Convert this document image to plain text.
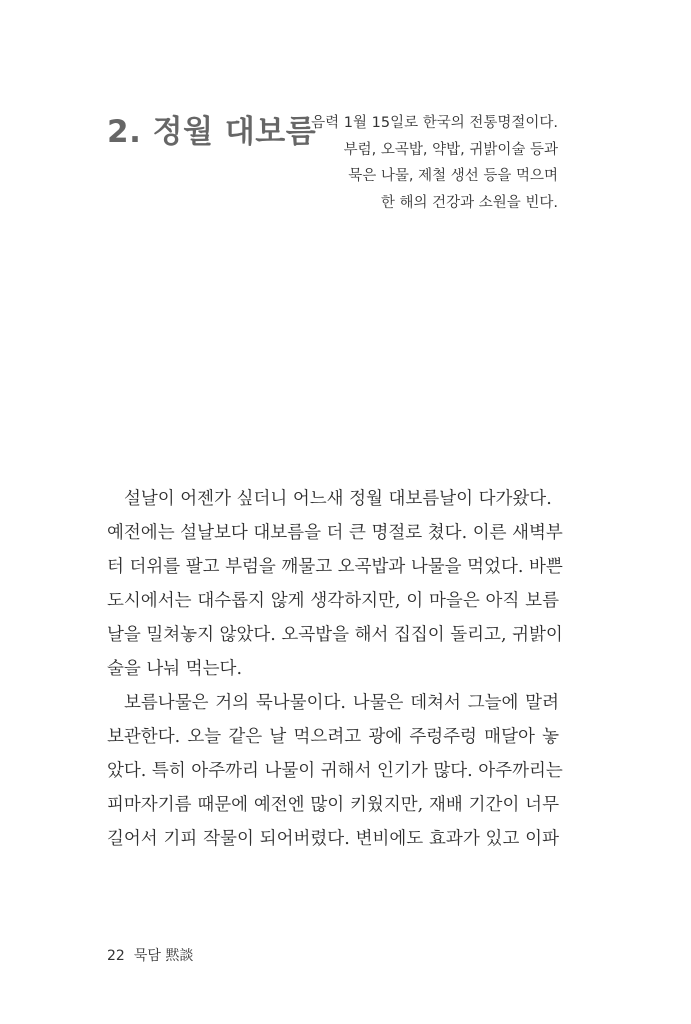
2. 정월 대보름
음력 1월 15일로 한국의 전통명절이다.
부럼, 오곡밥, 약밥, 귀밝이술 등과
묵은 나물, 제철 생선 등을 먹으며
한 해의 건강과 소원을 빈다.
설날이 어젠가 싶더니 어느새 정월 대보름날이 다가왔다.
예전에는 설날보다 대보름을 더 큰 명절로 쳤다. 이른 새벽부
터 더위를 팔고 부럼을 깨물고 오곡밥과 나물을 먹었다. 바쁜
도시에서는 대수롭지 않게 생각하지만, 이 마을은 아직 보름
날을 밀쳐놓지 않았다. 오곡밥을 해서 집집이 돌리고, 귀밝이
술을 나눠 먹는다.
보름나물은 거의 묵나물이다. 나물은 데쳐서 그늘에 말려
보관한다. 오늘 같은 날 먹으려고 광에 주렁주렁 매달아 놓
았다. 특히 아주까리 나물이 귀해서 인기가 많다. 아주까리는
피마자기름 때문에 예전엔 많이 키웠지만, 재배 기간이 너무
길어서 기피 작물이 되어버렸다. 변비에도 효과가 있고 이파
22 묵담 黙談
